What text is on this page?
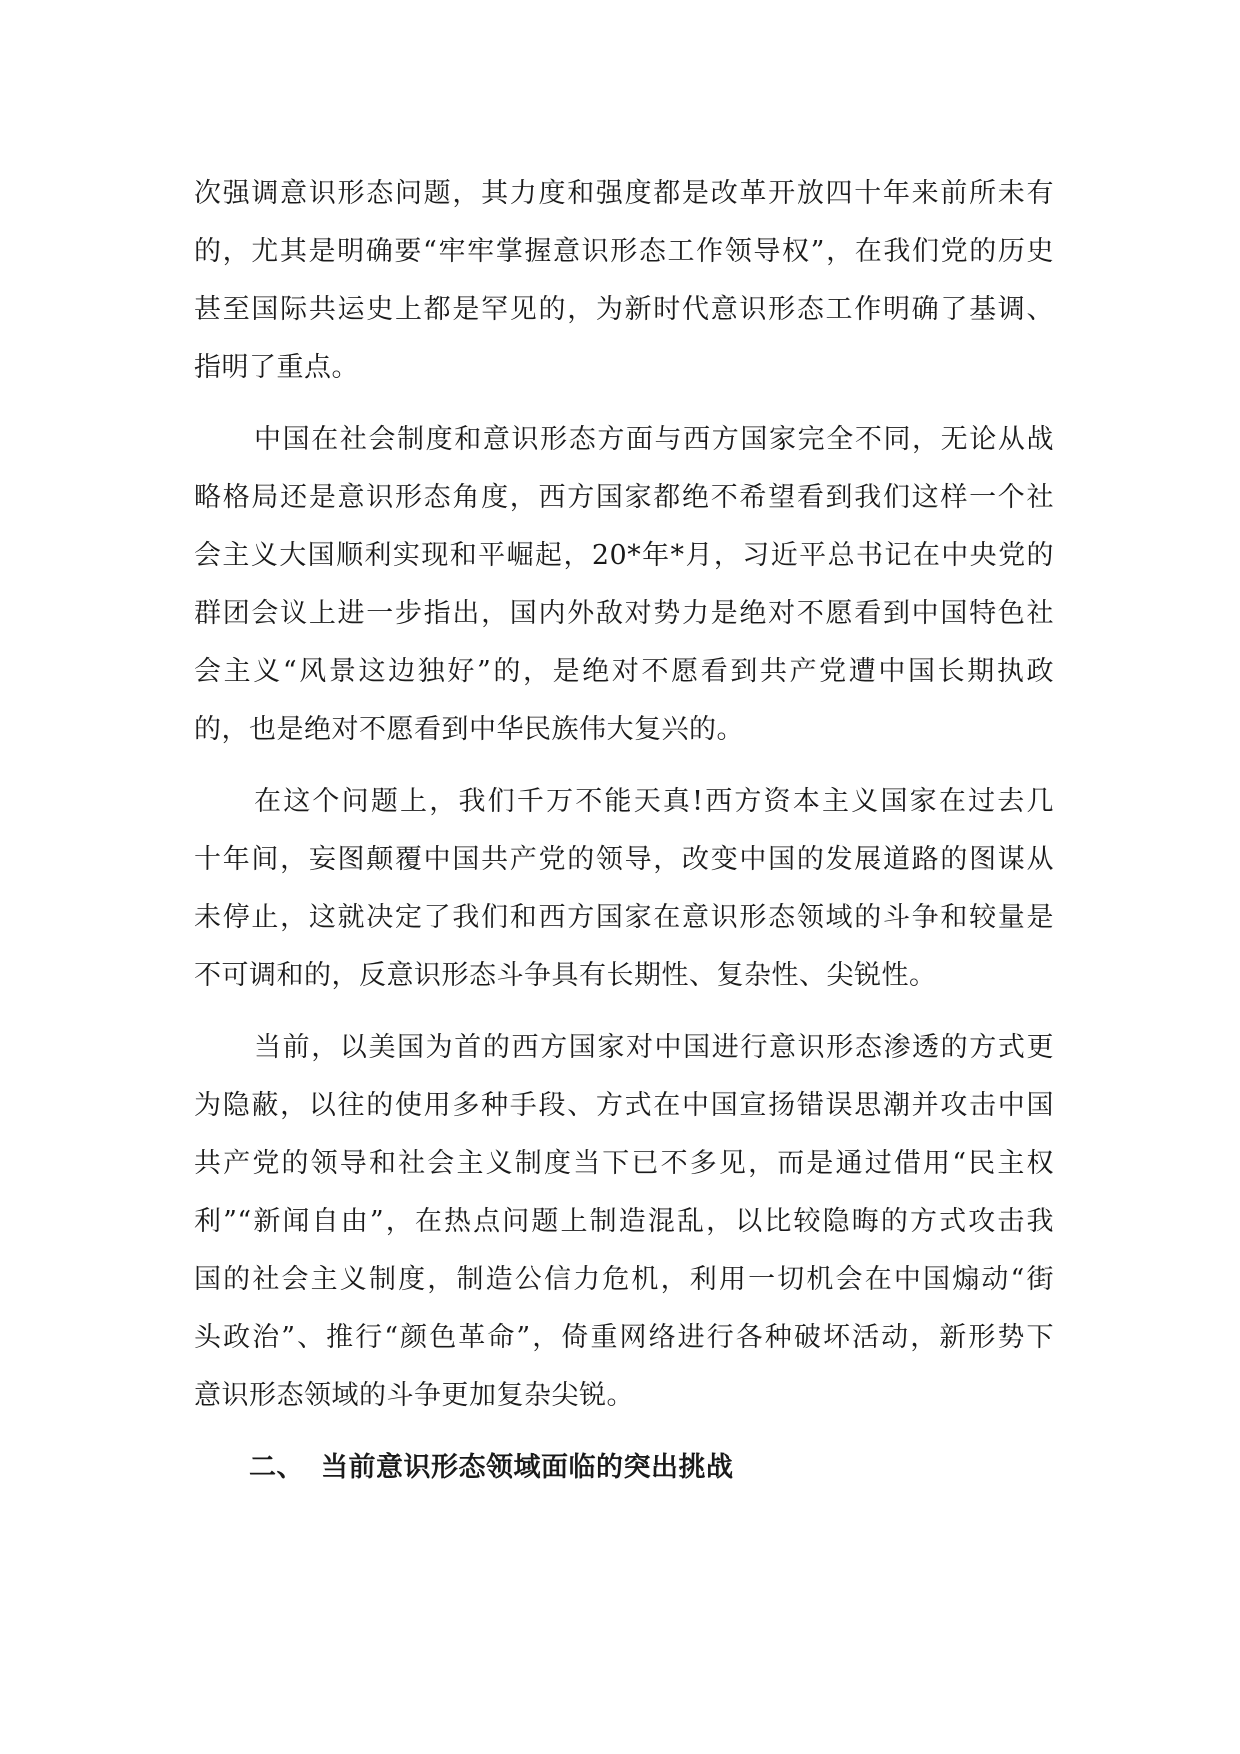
次强调意识形态问题，其力度和强度都是改革开放四十年来前所未有
的，尤其是明确要“牢牢掌握意识形态工作领导权”，在我们党的历史
甚至国际共运史上都是罕见的，为新时代意识形态工作明确了基调、
指明了重点。
中国在社会制度和意识形态方面与西方国家完全不同，无论从战
略格局还是意识形态角度，西方国家都绝不希望看到我们这样一个社
会主义大国顺利实现和平崛起，20*年*月，习近平总书记在中央党的
群团会议上进一步指出，国内外敌对势力是绝对不愿看到中国特色社
会主义“风景这边独好”的，是绝对不愿看到共产党遭中国长期执政
的，也是绝对不愿看到中华民族伟大复兴的。
在这个问题上，我们千万不能天真!西方资本主义国家在过去几
十年间，妄图颠覆中国共产党的领导，改变中国的发展道路的图谋从
未停止，这就决定了我们和西方国家在意识形态领域的斗争和较量是
不可调和的，反意识形态斗争具有长期性、复杂性、尖锐性。
当前，以美国为首的西方国家对中国进行意识形态渗透的方式更
为隐蔽，以往的使用多种手段、方式在中国宣扬错误思潮并攻击中国
共产党的领导和社会主义制度当下已不多见，而是通过借用“民主权
利”“新闻自由”，在热点问题上制造混乱，以比较隐晦的方式攻击我
国的社会主义制度，制造公信力危机，利用一切机会在中国煽动“街
头政治”、推行“颜色革命”，倚重网络进行各种破坏活动，新形势下
意识形态领域的斗争更加复杂尖锐。
二、 当前意识形态领域面临的突出挑战
